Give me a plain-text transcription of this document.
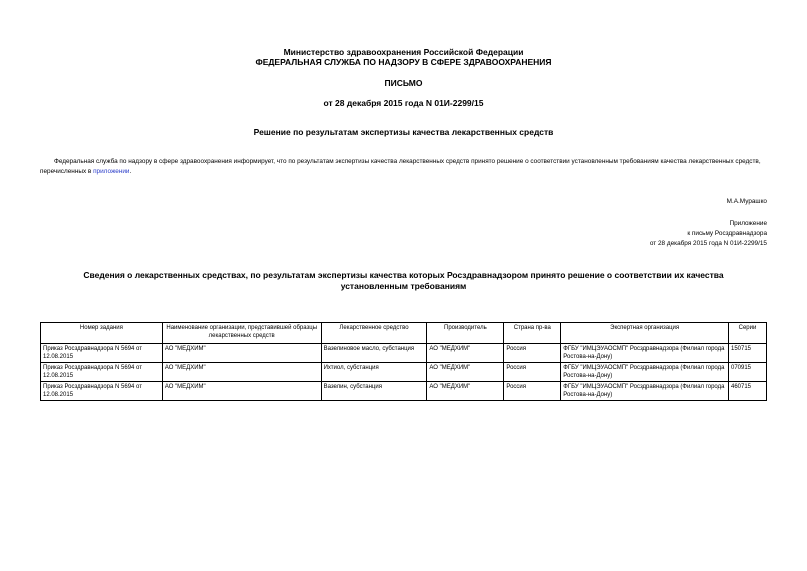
Министерство здравоохранения Российской Федерации
ФЕДЕРАЛЬНАЯ СЛУЖБА ПО НАДЗОРУ В СФЕРЕ ЗДРАВООХРАНЕНИЯ
ПИСЬМО
от 28 декабря 2015 года N 01И-2299/15
Решение по результатам экспертизы качества лекарственных средств
Федеральная служба по надзору в сфере здравоохранения информирует, что по результатам экспертизы качества лекарственных средств принято решение о соответствии установленным требованиям качества лекарственных средств, перечисленных в приложении.
М.А.Мурашко
Приложение
к письму Росздравнадзора
от 28 декабря 2015 года N 01И-2299/15
Сведения о лекарственных средствах, по результатам экспертизы качества которых Росздравнадзором принято решение о соответствии их качества установленным требованиям
Номер задания	Наименование организации, представившей образцы лекарственных средств	Лекарственное средство	Производитель	Страна пр-ва	Экспертная организация	Серии
Приказ Росздравнадзора N 5694 от 12.08.2015	АО "МЕДХИМ"	Вазелиновое масло, субстанция	АО "МЕДХИМ"	Россия	ФГБУ "ИМЦЭУАОСМП" Росздравнадзора (Филиал города Ростова-на-Дону)	150715
Приказ Росздравнадзора N 5694 от 12.08.2015	АО "МЕДХИМ"	Ихтиол, субстанция	АО "МЕДХИМ"	Россия	ФГБУ "ИМЦЭУАОСМП" Росздравнадзора (Филиал города Ростова-на-Дону)	070915
Приказ Росздравнадзора N 5694 от 12.08.2015	АО "МЕДХИМ"	Вазелин, субстанция	АО "МЕДХИМ"	Россия	ФГБУ "ИМЦЭУАОСМП" Росздравнадзора (Филиал города Ростова-на-Дону)	460715
